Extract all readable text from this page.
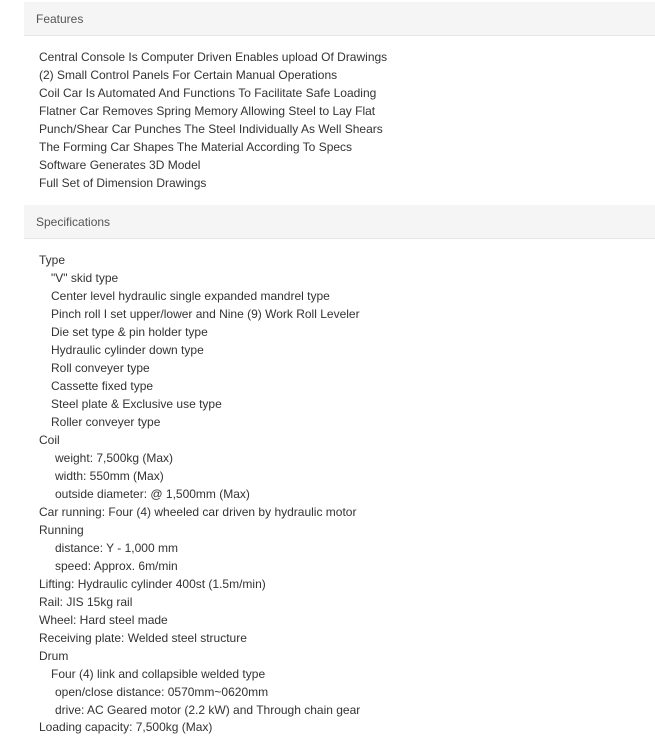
Features
Central Console Is Computer Driven Enables upload Of Drawings
(2) Small Control Panels For Certain Manual Operations
Coil Car Is Automated And Functions To Facilitate Safe Loading
Flatner Car Removes Spring Memory Allowing Steel to Lay Flat
Punch/Shear Car Punches The Steel Individually As Well Shears
The Forming Car Shapes The Material According To Specs
Software Generates 3D Model
Full Set of Dimension Drawings
Specifications
Type
"V" skid type
Center level hydraulic single expanded mandrel type
Pinch roll I set upper/lower and Nine (9) Work Roll Leveler
Die set type & pin holder type
Hydraulic cylinder down type
Roll conveyer type
Cassette fixed type
Steel plate & Exclusive use type
Roller conveyer type
Coil
weight: 7,500kg (Max)
width: 550mm (Max)
outside diameter: @ 1,500mm (Max)
Car running: Four (4) wheeled car driven by hydraulic motor
Running
distance: Y - 1,000 mm
speed: Approx. 6m/min
Lifting: Hydraulic cylinder 400st (1.5m/min)
Rail: JIS 15kg rail
Wheel: Hard steel made
Receiving plate: Welded steel structure
Drum
Four (4) link and collapsible welded type
open/close distance: 0570mm~0620mm
drive: AC Geared motor (2.2 kW) and Through chain gear
Loading capacity: 7,500kg (Max)
